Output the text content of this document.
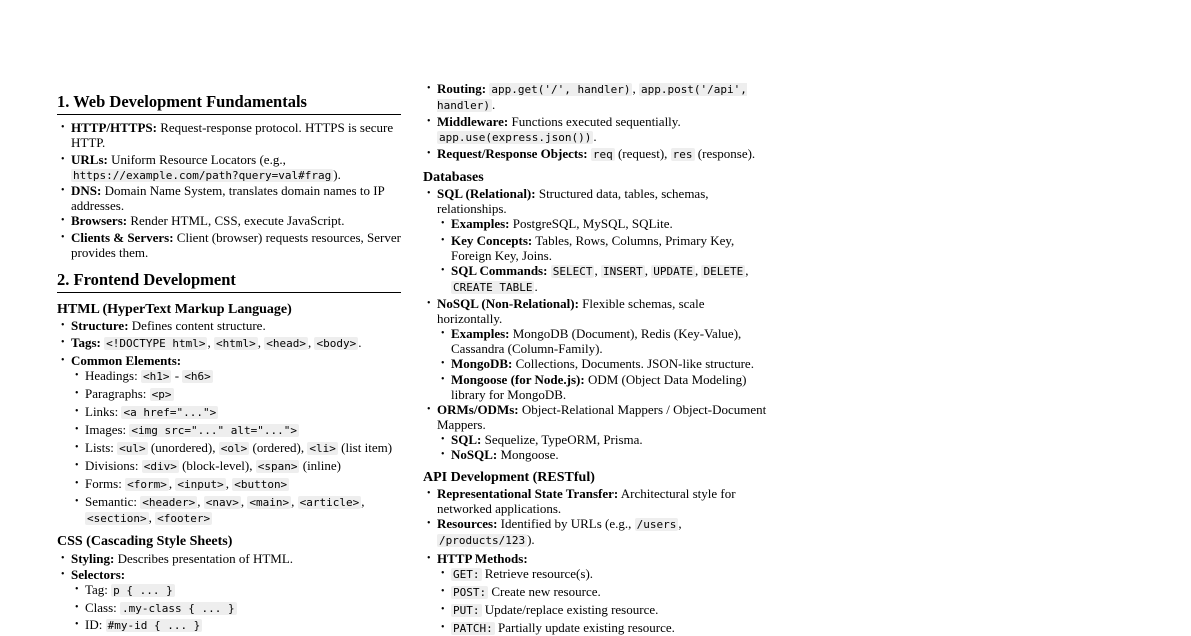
1. Web Development Fundamentals
• HTTP/HTTPS: Request-response protocol. HTTPS is secure HTTP.
• URLs: Uniform Resource Locators (e.g.,
https://example.com/path?query=val#frag ).
• DNS: Domain Name System, translates domain names to IP addresses.
• Browsers: Render HTML, CSS, execute JavaScript.
• Clients & Servers: Client (browser) requests resources, Server provides them.
2. Frontend Development
HTML (HyperText Markup Language)
• Structure: Defines content structure.
• Tags: <!DOCTYPE html> , <html> , <head> , <body> .
• Common Elements:
• Headings: <h1> - <h6>
• Paragraphs: <p>
• Links: <a href="...">
• Images: <img src="..." alt="...">
• Lists: <ul> (unordered), <ol> (ordered), <li> (list item)
• Divisions: <div> (block-level), <span> (inline)
• Forms: <form> , <input> , <button>
• Semantic: <header> , <nav> , <main> , <article> ,
<section> , <footer>
CSS (Cascading Style Sheets)
• Styling: Describes presentation of HTML.
• Selectors:
• Tag: p { ... }
• Class: .my-class { ... }
• ID: #my-id { ... }
• Routing: app.get('/', handler) , app.post('/api', handler) .
• Middleware: Functions executed sequentially.
app.use(express.json()) .
• Request/Response Objects: req (request), res (response).
Databases
• SQL (Relational): Structured data, tables, schemas, relationships.
• Examples: PostgreSQL, MySQL, SQLite.
• Key Concepts: Tables, Rows, Columns, Primary Key, Foreign Key, Joins.
• SQL Commands: SELECT , INSERT , UPDATE , DELETE ,
CREATE TABLE .
• NoSQL (Non-Relational): Flexible schemas, scale horizontally.
• Examples: MongoDB (Document), Redis (Key-Value), Cassandra (Column-Family).
• MongoDB: Collections, Documents. JSON-like structure.
• Mongoose (for Node.js): ODM (Object Data Modeling) library for MongoDB.
• ORMs/ODMs: Object-Relational Mappers / Object-Document Mappers.
• SQL: Sequelize, TypeORM, Prisma.
• NoSQL: Mongoose.
API Development (RESTful)
• Representational State Transfer: Architectural style for networked applications.
• Resources: Identified by URLs (e.g., /users ,
/products/123 ).
• HTTP Methods:
• GET: Retrieve resource(s).
• POST: Create new resource.
• PUT: Update/replace existing resource.
• PATCH: Partially update existing resource.
